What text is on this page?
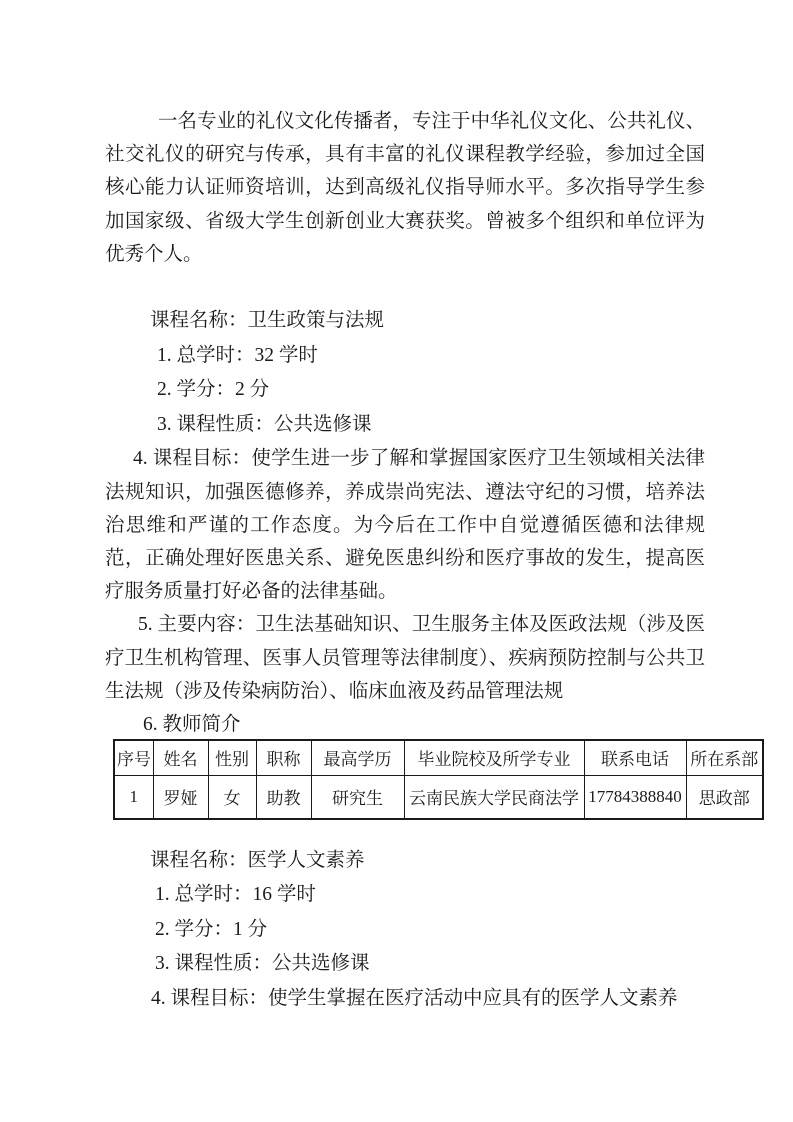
一名专业的礼仪文化传播者，专注于中华礼仪文化、公共礼仪、社交礼仪的研究与传承，具有丰富的礼仪课程教学经验，参加过全国核心能力认证师资培训，达到高级礼仪指导师水平。多次指导学生参加国家级、省级大学生创新创业大赛获奖。曾被多个组织和单位评为优秀个人。

课程名称：卫生政策与法规

1. 总学时：32 学时

2. 学分：2 分

3. 课程性质：公共选修课

4. 课程目标：使学生进一步了解和掌握国家医疗卫生领域相关法律法规知识，加强医德修养，养成崇尚宪法、遵法守纪的习惯，培养法治思维和严谨的工作态度。为今后在工作中自觉遵循医德和法律规范，正确处理好医患关系、避免医患纠纷和医疗事故的发生，提高医疗服务质量打好必备的法律基础。

5. 主要内容：卫生法基础知识、卫生服务主体及医政法规（涉及医疗卫生机构管理、医事人员管理等法律制度）、疾病预防控制与公共卫生法规（涉及传染病防治）、临床血液及药品管理法规

6. 教师简介

序号	姓名	性别	职称	最高学历	毕业院校及所学专业	联系电话	所在系部
1	罗娅	女	助教	研究生	云南民族大学民商法学	17784388840	思政部

课程名称：医学人文素养

1. 总学时：16 学时

2. 学分：1 分

3. 课程性质：公共选修课

4. 课程目标：使学生掌握在医疗活动中应具有的医学人文素养
